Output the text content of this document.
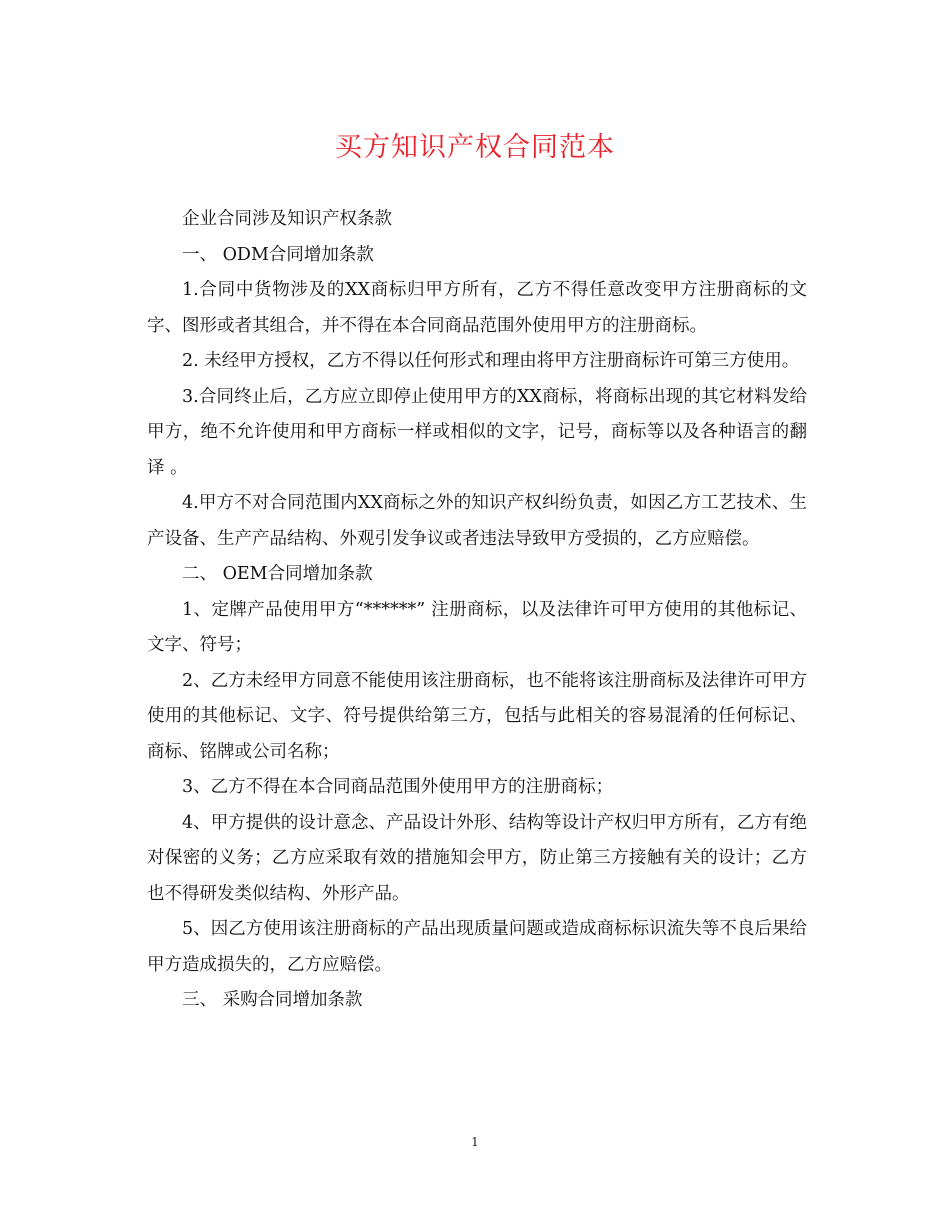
买方知识产权合同范本

企业合同涉及知识产权条款

一、 ODM合同增加条款

1.合同中货物涉及的XX商标归甲方所有，乙方不得任意改变甲方注册商标的文字、图形或者其组合，并不得在本合同商品范围外使用甲方的注册商标。

2. 未经甲方授权，乙方不得以任何形式和理由将甲方注册商标许可第三方使用。

3.合同终止后，乙方应立即停止使用甲方的XX商标，将商标出现的其它材料发给甲方，绝不允许使用和甲方商标一样或相似的文字，记号，商标等以及各种语言的翻译 。

4.甲方不对合同范围内XX商标之外的知识产权纠纷负责，如因乙方工艺技术、生产设备、生产产品结构、外观引发争议或者违法导致甲方受损的，乙方应赔偿。

二、 OEM合同增加条款

1、定牌产品使用甲方“******” 注册商标，以及法律许可甲方使用的其他标记、文字、符号；

2、乙方未经甲方同意不能使用该注册商标，也不能将该注册商标及法律许可甲方使用的其他标记、文字、符号提供给第三方，包括与此相关的容易混淆的任何标记、商标、铭牌或公司名称；

3、乙方不得在本合同商品范围外使用甲方的注册商标；

4、甲方提供的设计意念、产品设计外形、结构等设计产权归甲方所有，乙方有绝对保密的义务；乙方应采取有效的措施知会甲方，防止第三方接触有关的设计；乙方也不得研发类似结构、外形产品。

5、因乙方使用该注册商标的产品出现质量问题或造成商标标识流失等不良后果给甲方造成损失的，乙方应赔偿。

三、 采购合同增加条款

1
